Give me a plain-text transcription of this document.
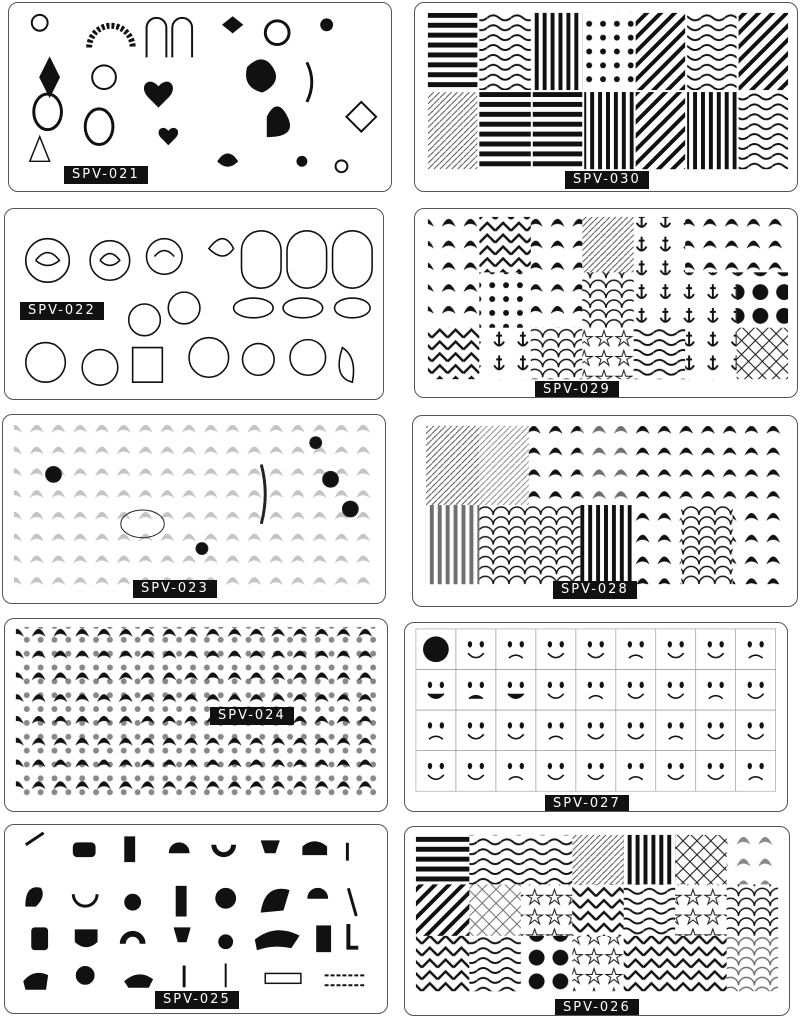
SPV-021	SPV-030
SPV-022
SPV-029
SPV-023	SPV-028
SPV-024
SPV-027
SPV-025
SPV-026
